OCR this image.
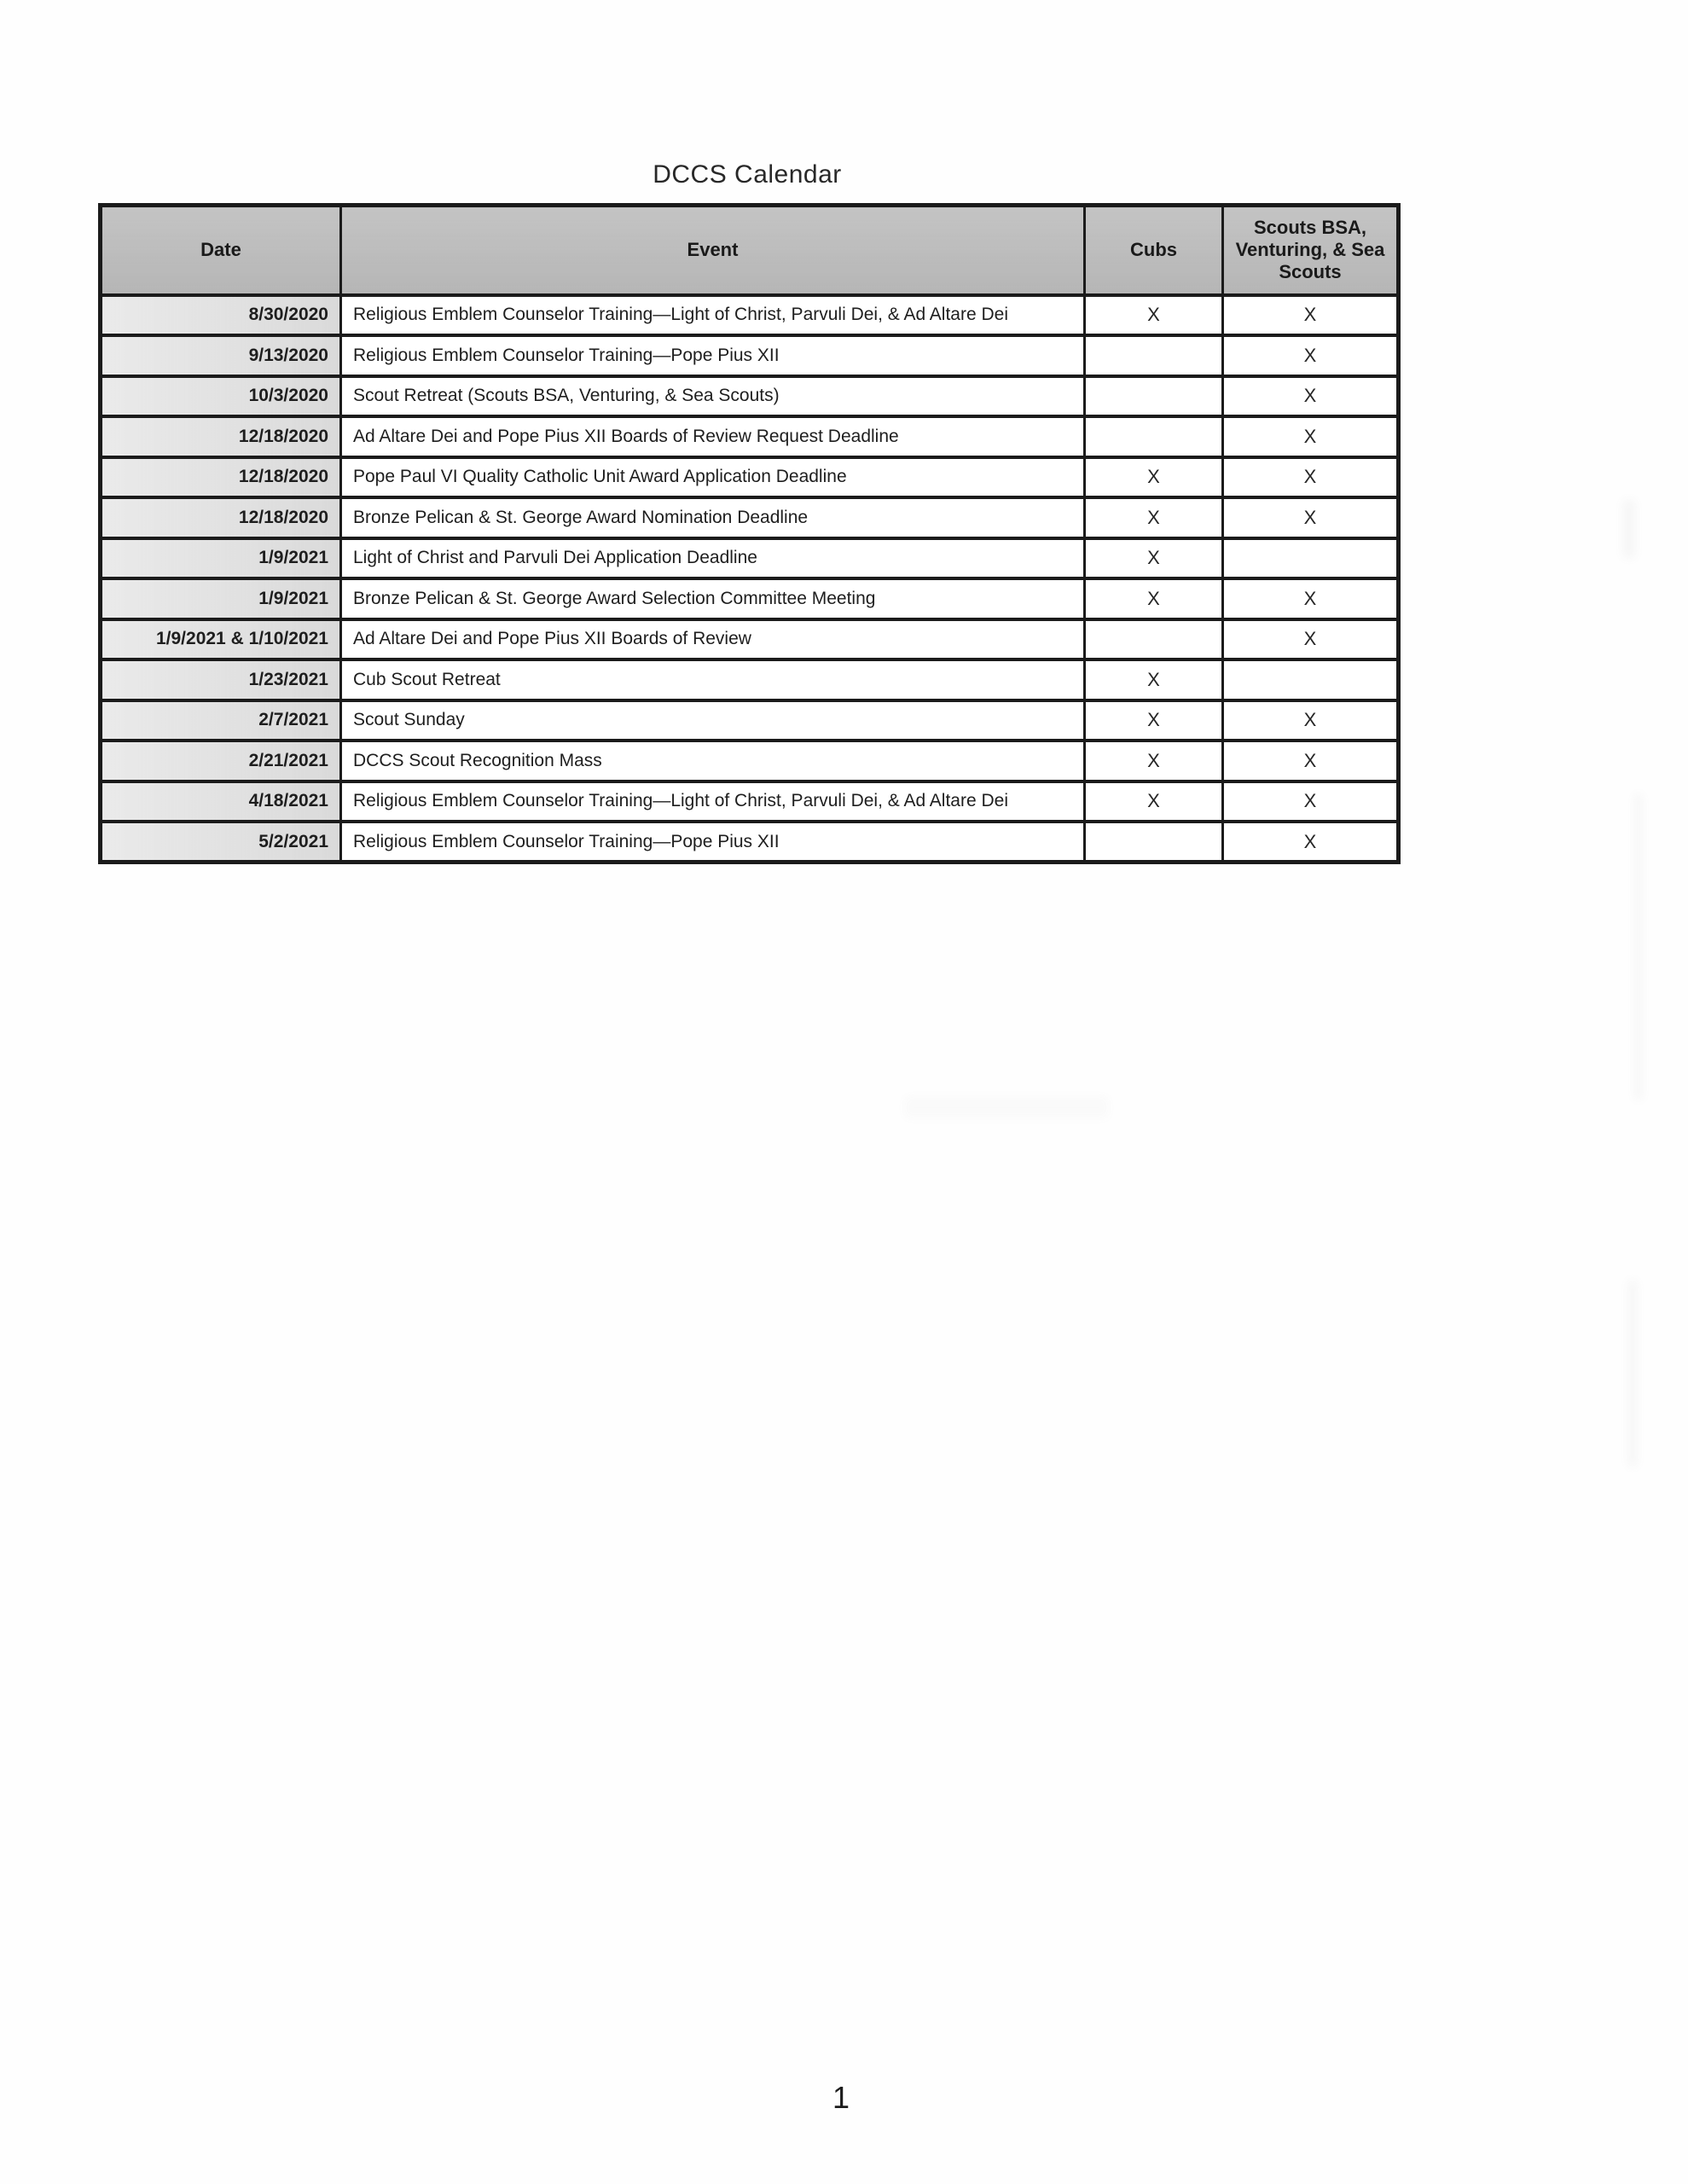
DCCS Calendar
Date	Event	Cubs	Scouts BSA, Venturing, & Sea Scouts
8/30/2020	Religious Emblem Counselor Training—Light of Christ, Parvuli Dei, & Ad Altare Dei	X	X
9/13/2020	Religious Emblem Counselor Training—Pope Pius XII		X
10/3/2020	Scout Retreat (Scouts BSA, Venturing, & Sea Scouts)		X
12/18/2020	Ad Altare Dei and Pope Pius XII Boards of Review Request Deadline		X
12/18/2020	Pope Paul VI Quality Catholic Unit Award Application Deadline	X	X
12/18/2020	Bronze Pelican & St. George Award Nomination Deadline	X	X
1/9/2021	Light of Christ and Parvuli Dei Application Deadline	X	
1/9/2021	Bronze Pelican & St. George Award Selection Committee Meeting	X	X
1/9/2021 & 1/10/2021	Ad Altare Dei and Pope Pius XII Boards of Review		X
1/23/2021	Cub Scout Retreat	X	
2/7/2021	Scout Sunday	X	X
2/21/2021	DCCS Scout Recognition Mass	X	X
4/18/2021	Religious Emblem Counselor Training—Light of Christ, Parvuli Dei, & Ad Altare Dei	X	X
5/2/2021	Religious Emblem Counselor Training—Pope Pius XII		X
1
